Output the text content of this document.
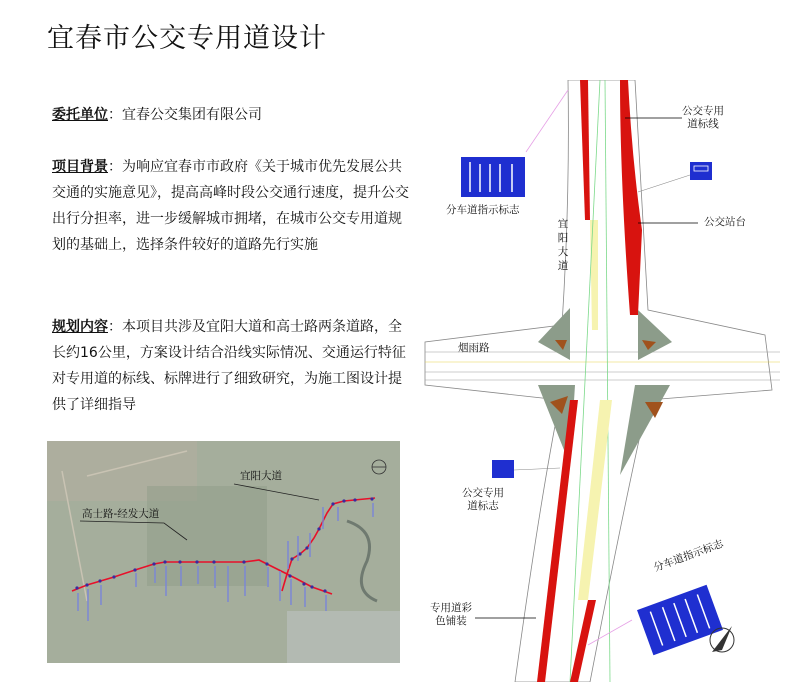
宜春市公交专用道设计
委托单位：宜春公交集团有限公司
项目背景：为响应宜春市市政府《关于城市优先发展公共交通的实施意见》，提高高峰时段公交通行速度，提升公交出行分担率，进一步缓解城市拥堵，在城市公交专用道规划的基础上，选择条件较好的道路先行实施
规划内容：本项目共涉及宜阳大道和高士路两条道路，全长约16公里，方案设计结合沿线实际情况、交通运行特征对专用道的标线、标牌进行了细致研究，为施工图设计提供了详细指导
宜阳大道
高士路-经发大道
公交专用
道标线
分车道指示标志
宜
阳
大
道
公交站台
烟雨路
公交专用
道标志
分车道指示标志
专用道彩
色铺装
